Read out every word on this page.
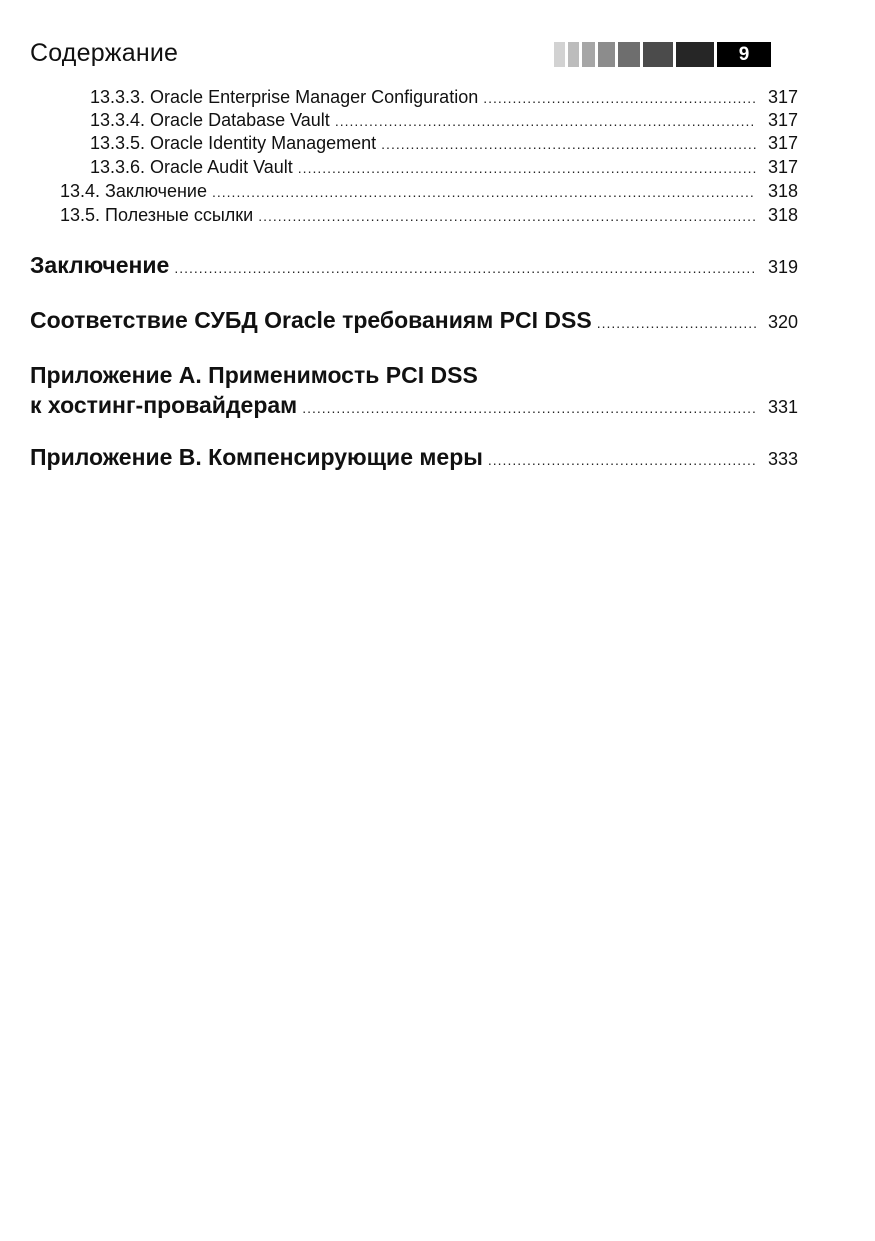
Содержание	9
13.3.3. Oracle Enterprise Manager Configuration .....	317
13.3.4. Oracle Database Vault .....	317
13.3.5. Oracle Identity Management .....	317
13.3.6. Oracle Audit Vault .....	317
13.4. Заключение .....	318
13.5. Полезные ссылки .....	318
Заключение .....	319
Соответствие СУБД Oracle требованиям PCI DSS .....	320
Приложение А. Применимость PCI DSS
к хостинг-провайдерам .....	331
Приложение B. Компенсирующие меры .....	333
